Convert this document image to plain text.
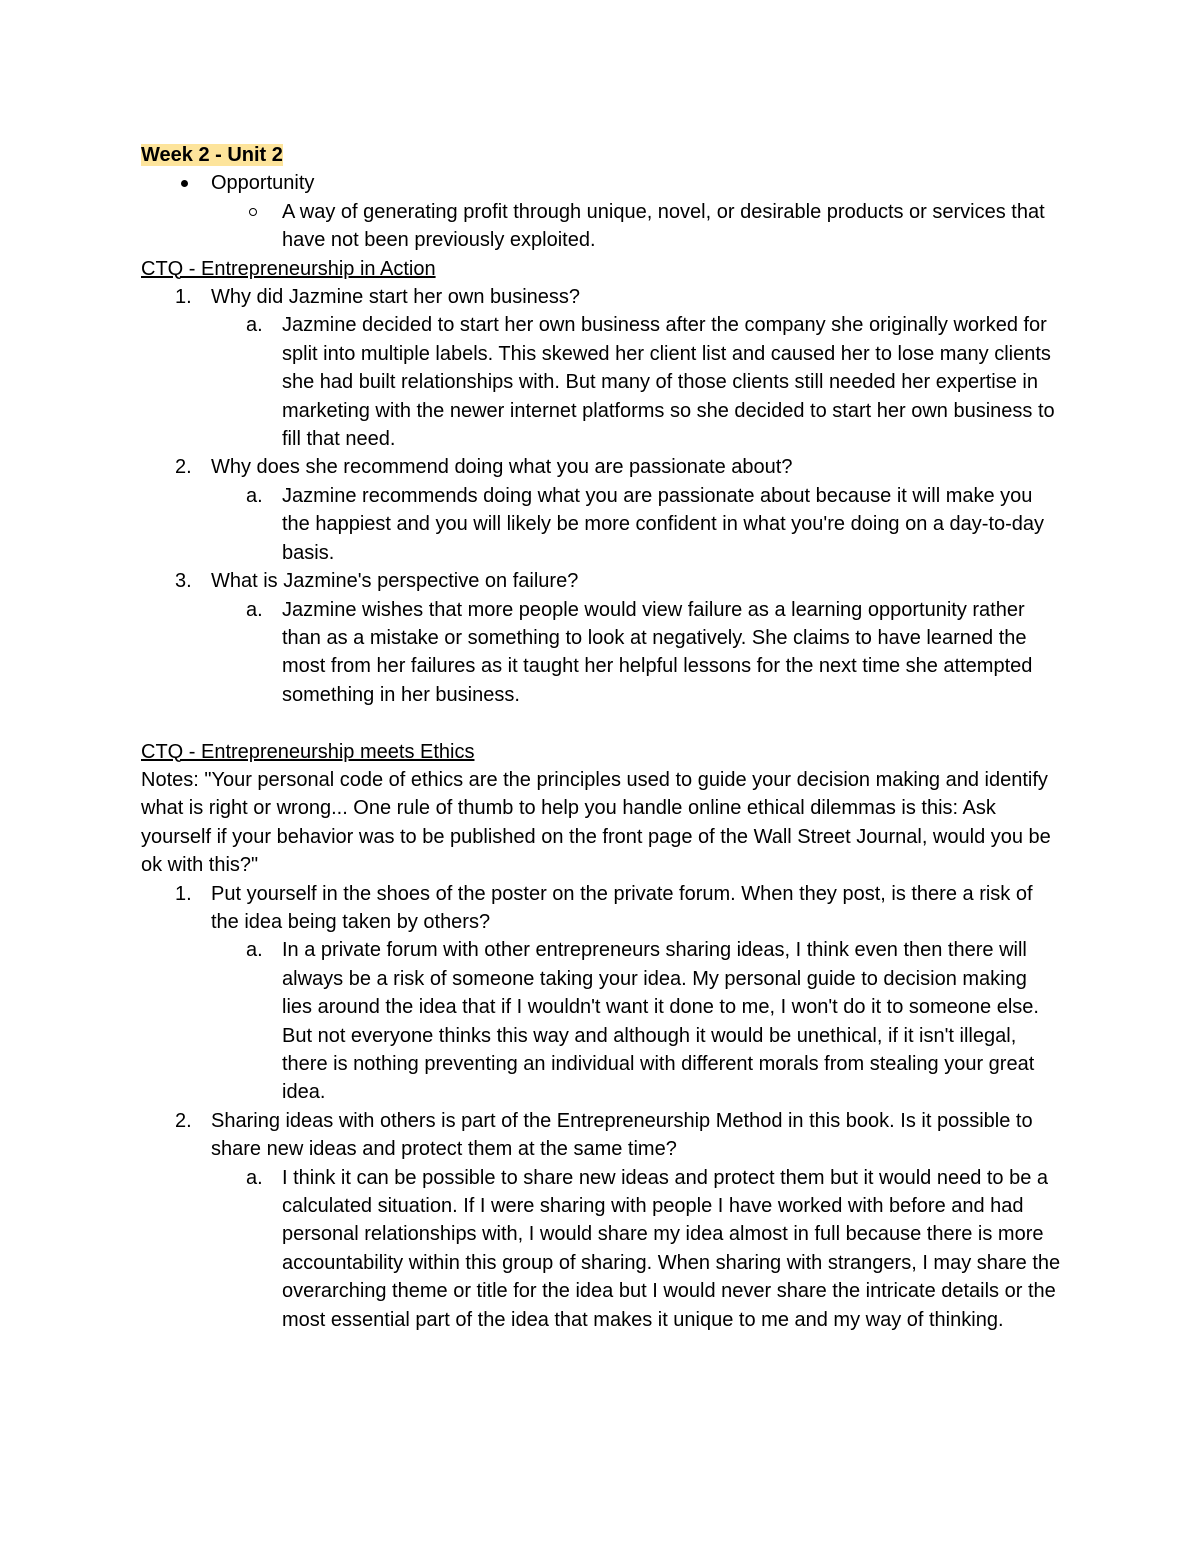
Week 2 - Unit 2
Opportunity
A way of generating profit through unique, novel, or desirable products or services that have not been previously exploited.
CTQ - Entrepreneurship in Action
1. Why did Jazmine start her own business?
a. Jazmine decided to start her own business after the company she originally worked for split into multiple labels. This skewed her client list and caused her to lose many clients she had built relationships with. But many of those clients still needed her expertise in marketing with the newer internet platforms so she decided to start her own business to fill that need.
2. Why does she recommend doing what you are passionate about?
a. Jazmine recommends doing what you are passionate about because it will make you the happiest and you will likely be more confident in what you're doing on a day-to-day basis.
3. What is Jazmine's perspective on failure?
a. Jazmine wishes that more people would view failure as a learning opportunity rather than as a mistake or something to look at negatively. She claims to have learned the most from her failures as it taught her helpful lessons for the next time she attempted something in her business.
CTQ - Entrepreneurship meets Ethics
Notes: "Your personal code of ethics are the principles used to guide your decision making and identify what is right or wrong... One rule of thumb to help you handle online ethical dilemmas is this: Ask yourself if your behavior was to be published on the front page of the Wall Street Journal, would you be ok with this?"
1. Put yourself in the shoes of the poster on the private forum. When they post, is there a risk of the idea being taken by others?
a. In a private forum with other entrepreneurs sharing ideas, I think even then there will always be a risk of someone taking your idea. My personal guide to decision making lies around the idea that if I wouldn't want it done to me, I won't do it to someone else. But not everyone thinks this way and although it would be unethical, if it isn't illegal, there is nothing preventing an individual with different morals from stealing your great idea.
2. Sharing ideas with others is part of the Entrepreneurship Method in this book. Is it possible to share new ideas and protect them at the same time?
a. I think it can be possible to share new ideas and protect them but it would need to be a calculated situation. If I were sharing with people I have worked with before and had personal relationships with, I would share my idea almost in full because there is more accountability within this group of sharing. When sharing with strangers, I may share the overarching theme or title for the idea but I would never share the intricate details or the most essential part of the idea that makes it unique to me and my way of thinking.
